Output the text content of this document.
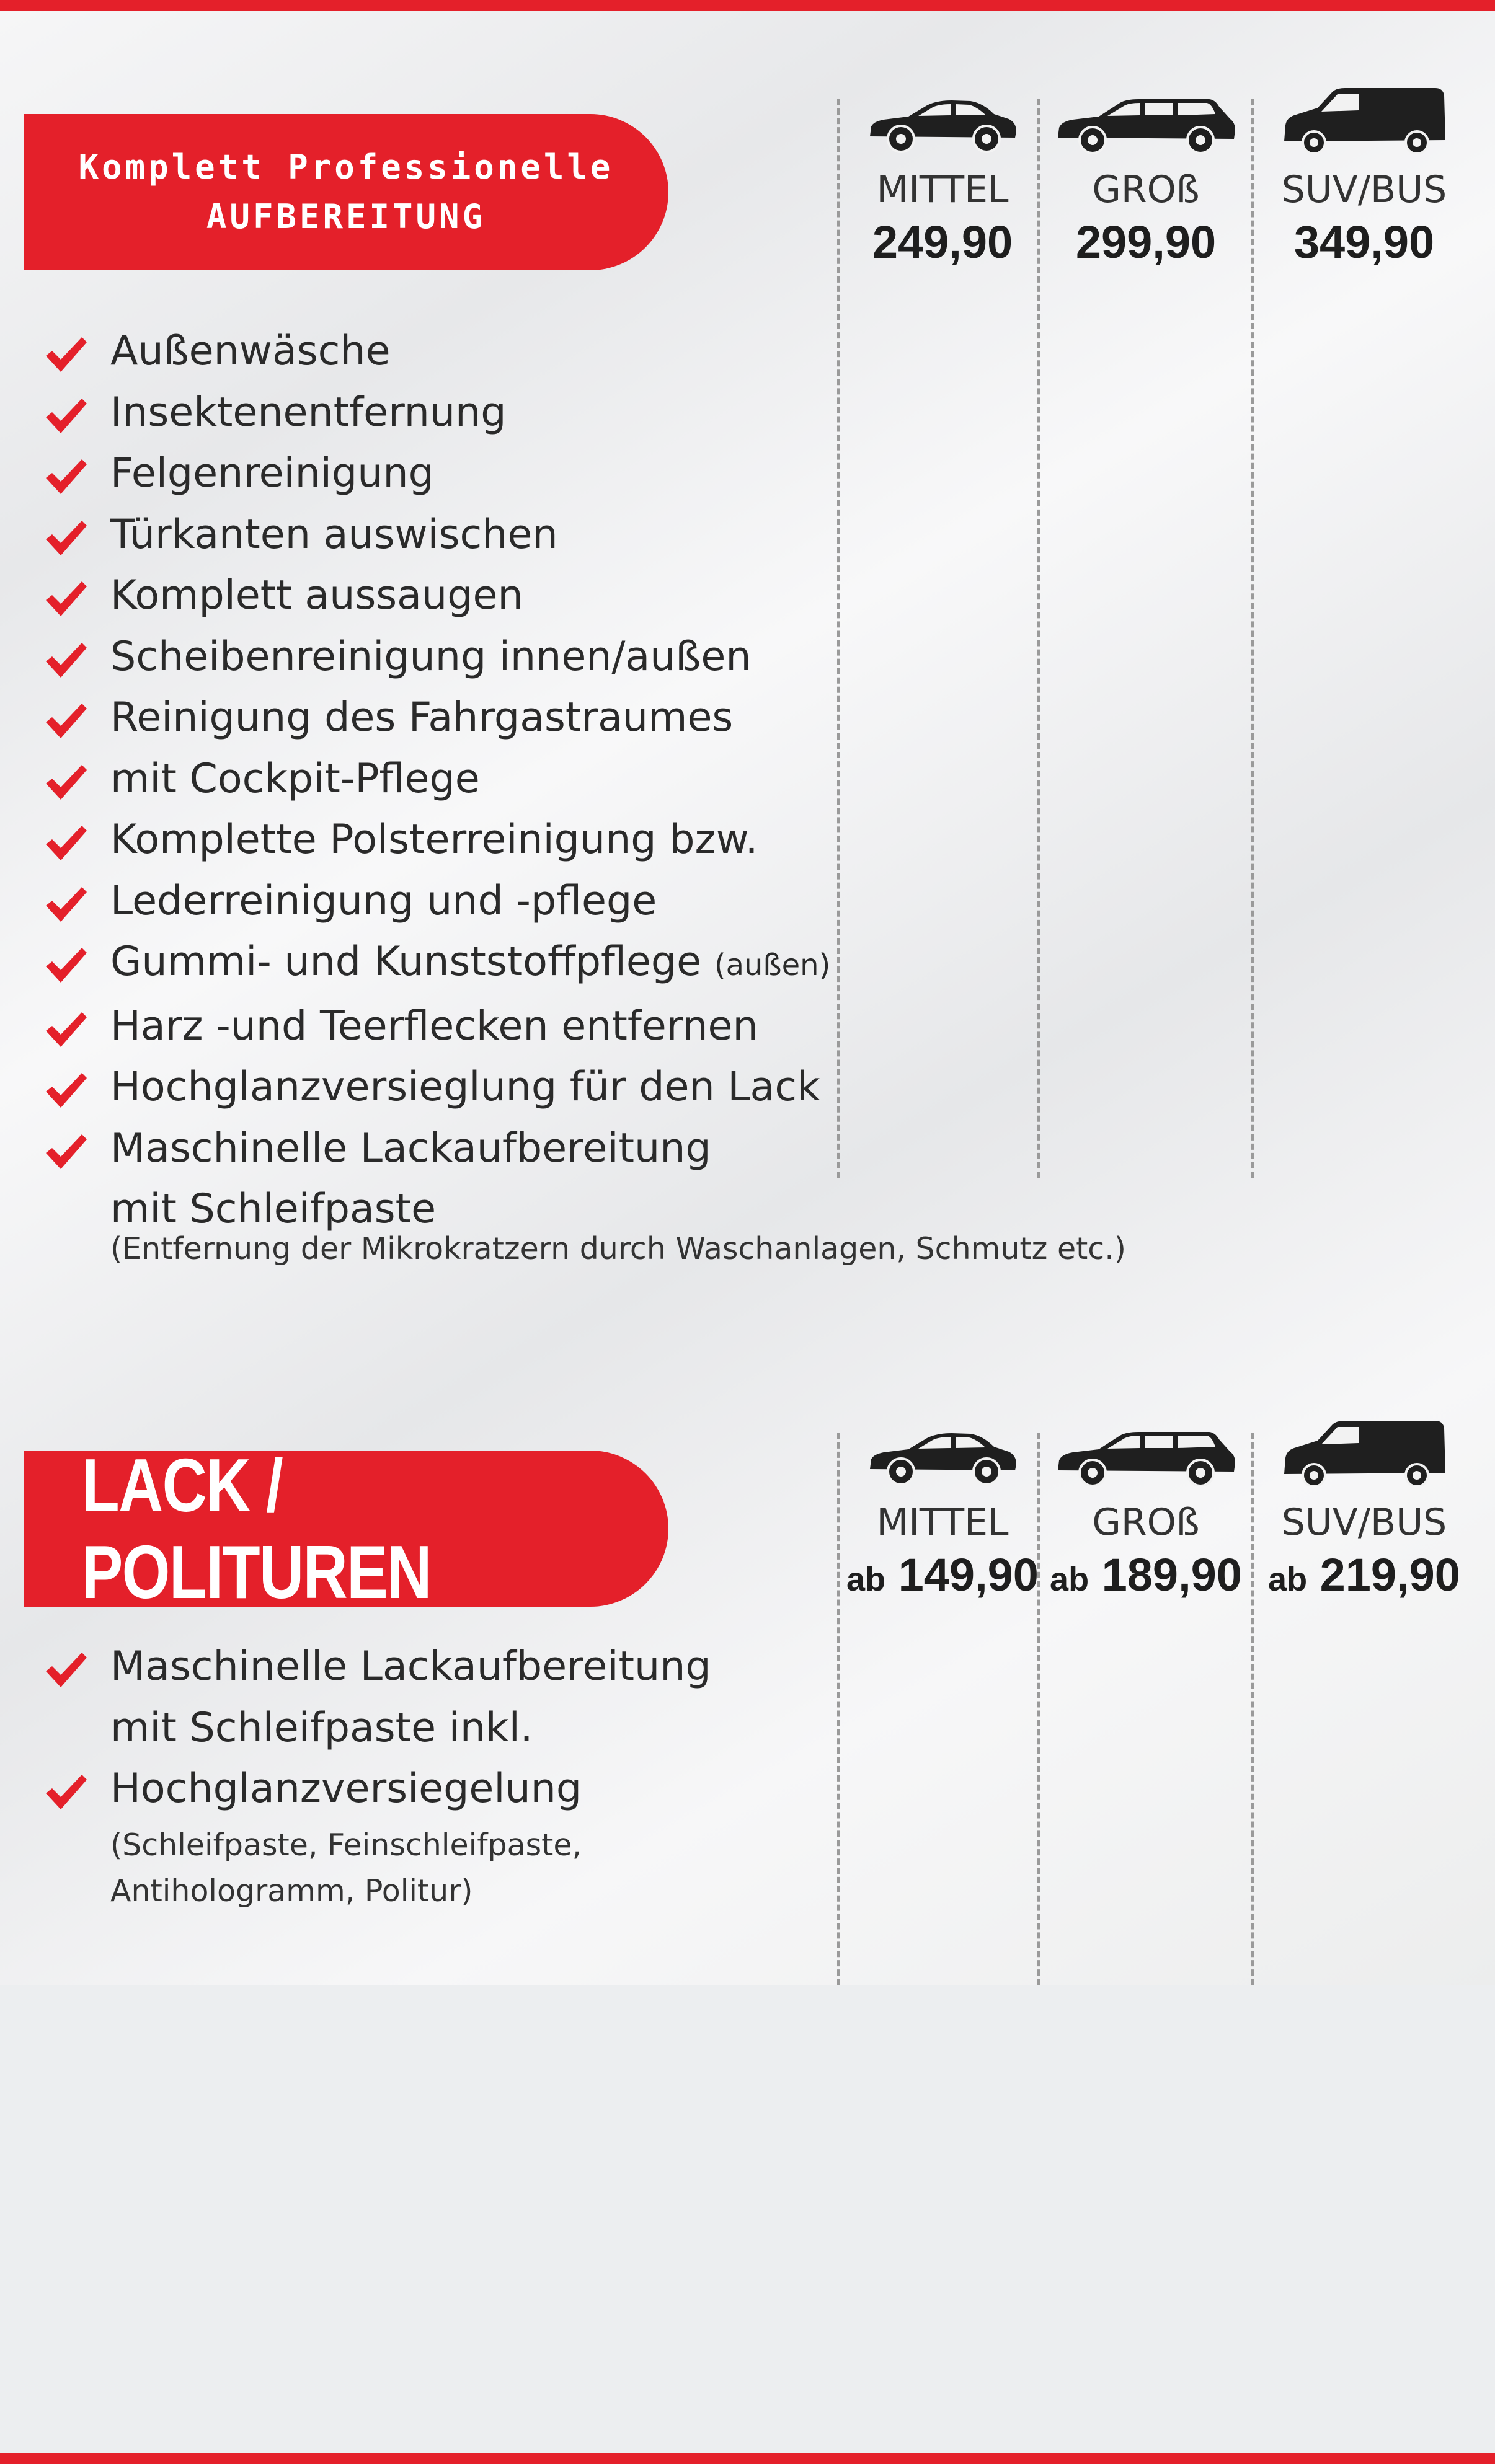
Komplett Professionelle
AUFBEREITUNG
MITTEL
249,90
GROß
299,90
SUV/BUS
349,90
Außenwäsche
Insektenentfernung
Felgenreinigung
Türkanten auswischen
Komplett aussaugen
Scheibenreinigung innen/außen
Reinigung des Fahrgastraumes
mit Cockpit-Pflege
Komplette Polsterreinigung bzw.
Lederreinigung und -pflege
Gummi- und Kunststoffpflege (außen)
Harz -und Teerflecken entfernen
Hochglanzversieglung für den Lack
Maschinelle Lackaufbereitung
mit Schleifpaste
(Entfernung der Mikrokratzern durch Waschanlagen, Schmutz etc.)
LACK / POLITUREN
MITTEL
ab 149,90
GROß
ab 189,90
SUV/BUS
ab 219,90
Maschinelle Lackaufbereitung
mit Schleifpaste inkl.
Hochglanzversiegelung
(Schleifpaste, Feinschleifpaste,
Antihologramm, Politur)
